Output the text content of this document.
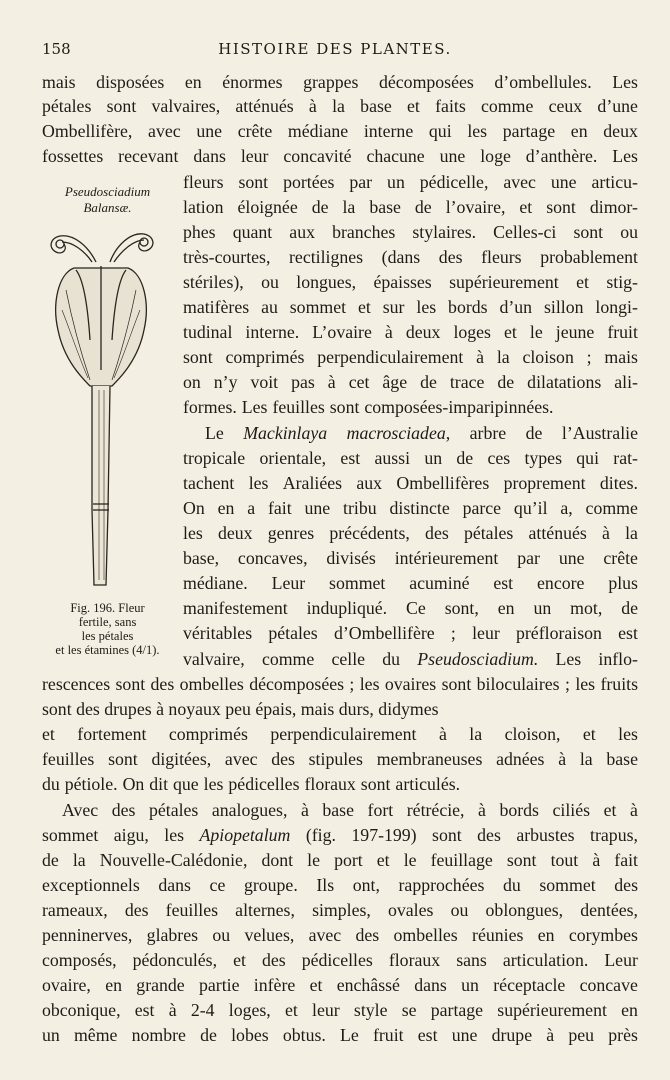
158	HISTOIRE DES PLANTES.
Pseudosciadium
Balansæ.
Fig. 196. Fleur
fertile, sans
les pétales
et les étamines (4/1).
mais disposées en énormes grappes décomposées d’ombellules. Les
pétales sont valvaires, atténués à la base et faits comme ceux d’une
Ombellifère, avec une crête médiane interne qui les partage en deux
fossettes recevant dans leur concavité chacune une loge d’anthère. Les
fleurs sont portées par un pédicelle, avec une articu-
lation éloignée de la base de l’ovaire, et sont dimor-
phes quant aux branches stylaires. Celles-ci sont ou
très-courtes, rectilignes (dans des fleurs probablement
stériles), ou longues, épaisses supérieurement et stig-
matifères au sommet et sur les bords d’un sillon longi-
tudinal interne. L’ovaire à deux loges et le jeune fruit
sont comprimés perpendiculairement à la cloison ; mais
on n’y voit pas à cet âge de trace de dilatations ali-
formes. Les feuilles sont composées-imparipinnées.
Le Mackinlaya macrosciadea, arbre de l’Australie
tropicale orientale, est aussi un de ces types qui rat-
tachent les Araliées aux Ombellifères proprement dites.
On en a fait une tribu distincte parce qu’il a, comme
les deux genres précédents, des pétales atténués à la
base, concaves, divisés intérieurement par une crête
médiane. Leur sommet acuminé est encore plus
manifestement indupliqué. Ce sont, en un mot, de
véritables pétales d’Ombellifère ; leur préfloraison est
valvaire, comme celle du Pseudosciadium. Les inflo-
rescences sont des ombelles décomposées ; les ovaires sont biloculaires ; les fruits sont des drupes à noyaux peu épais, mais durs, didymes
et fortement comprimés perpendiculairement à la cloison, et les
feuilles sont digitées, avec des stipules membraneuses adnées à la base
du pétiole. On dit que les pédicelles floraux sont articulés.
Avec des pétales analogues, à base fort rétrécie, à bords ciliés et à
sommet aigu, les Apiopetalum (fig. 197-199) sont des arbustes trapus,
de la Nouvelle-Calédonie, dont le port et le feuillage sont tout à fait
exceptionnels dans ce groupe. Ils ont, rapprochées du sommet des
rameaux, des feuilles alternes, simples, ovales ou oblongues, dentées,
penninerves, glabres ou velues, avec des ombelles réunies en corymbes
composés, pédonculés, et des pédicelles floraux sans articulation. Leur
ovaire, en grande partie infère et enchâssé dans un réceptacle concave
obconique, est à 2-4 loges, et leur style se partage supérieurement en
un même nombre de lobes obtus. Le fruit est une drupe à peu près
